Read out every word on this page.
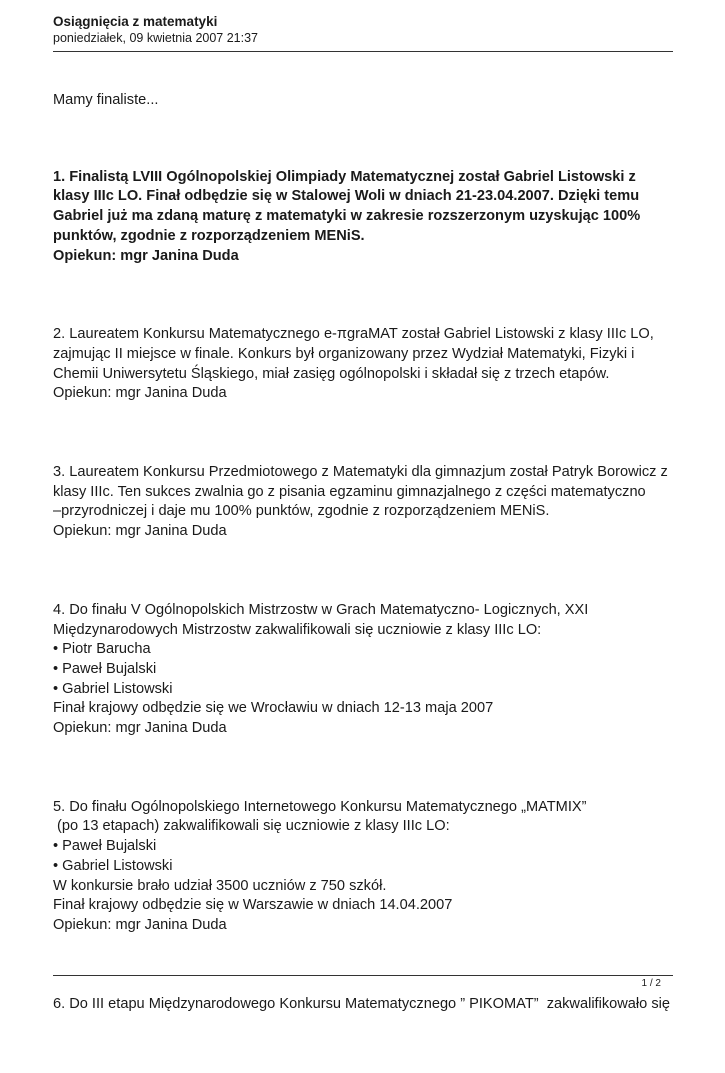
Osiągnięcia z matematyki
poniedziałek, 09 kwietnia 2007 21:37

Mamy finaliste...

1. Finalistą LVIII Ogólnopolskiej Olimpiady Matematycznej został Gabriel Listowski z

klasy IIIc LO. Finał odbędzie się w Stalowej Woli w dniach 21-23.04.2007. Dzięki temu

Gabriel już ma zdaną maturę z matematyki w zakresie rozszerzonym uzyskując 100%

punktów, zgodnie z rozporządzeniem MENiS.

Opiekun: mgr Janina Duda

2. Laureatem Konkursu Matematycznego e-πgraMAT został Gabriel Listowski z klasy IIIc LO,

zajmując II miejsce w finale. Konkurs był organizowany przez Wydział Matematyki, Fizyki i

Chemii Uniwersytetu Śląskiego, miał zasięg ogólnopolski i składał się z trzech etapów.

Opiekun: mgr Janina Duda

3. Laureatem Konkursu Przedmiotowego z Matematyki dla gimnazjum został Patryk Borowicz z

klasy IIIc. Ten sukces zwalnia go z pisania egzaminu gimnazjalnego z części matematyczno

–przyrodniczej i daje mu 100% punktów, zgodnie z rozporządzeniem MENiS.

Opiekun: mgr Janina Duda

4. Do finału V Ogólnopolskich Mistrzostw w Grach Matematyczno- Logicznych, XXI

Międzynarodowych Mistrzostw zakwalifikowali się uczniowie z klasy IIIc LO:

• Piotr Barucha

• Paweł Bujalski

• Gabriel Listowski

Finał krajowy odbędzie się we Wrocławiu w dniach 12-13 maja 2007

Opiekun: mgr Janina Duda

5. Do finału Ogólnopolskiego Internetowego Konkursu Matematycznego „MATMIX”

(po 13 etapach) zakwalifikowali się uczniowie z klasy IIIc LO:

• Paweł Bujalski

• Gabriel Listowski

W konkursie brało udział 3500 uczniów z 750 szkół.

Finał krajowy odbędzie się w Warszawie w dniach 14.04.2007

Opiekun: mgr Janina Duda

6. Do III etapu Międzynarodowego Konkursu Matematycznego ” PIKOMAT”  zakwalifikowało się

1 / 2
